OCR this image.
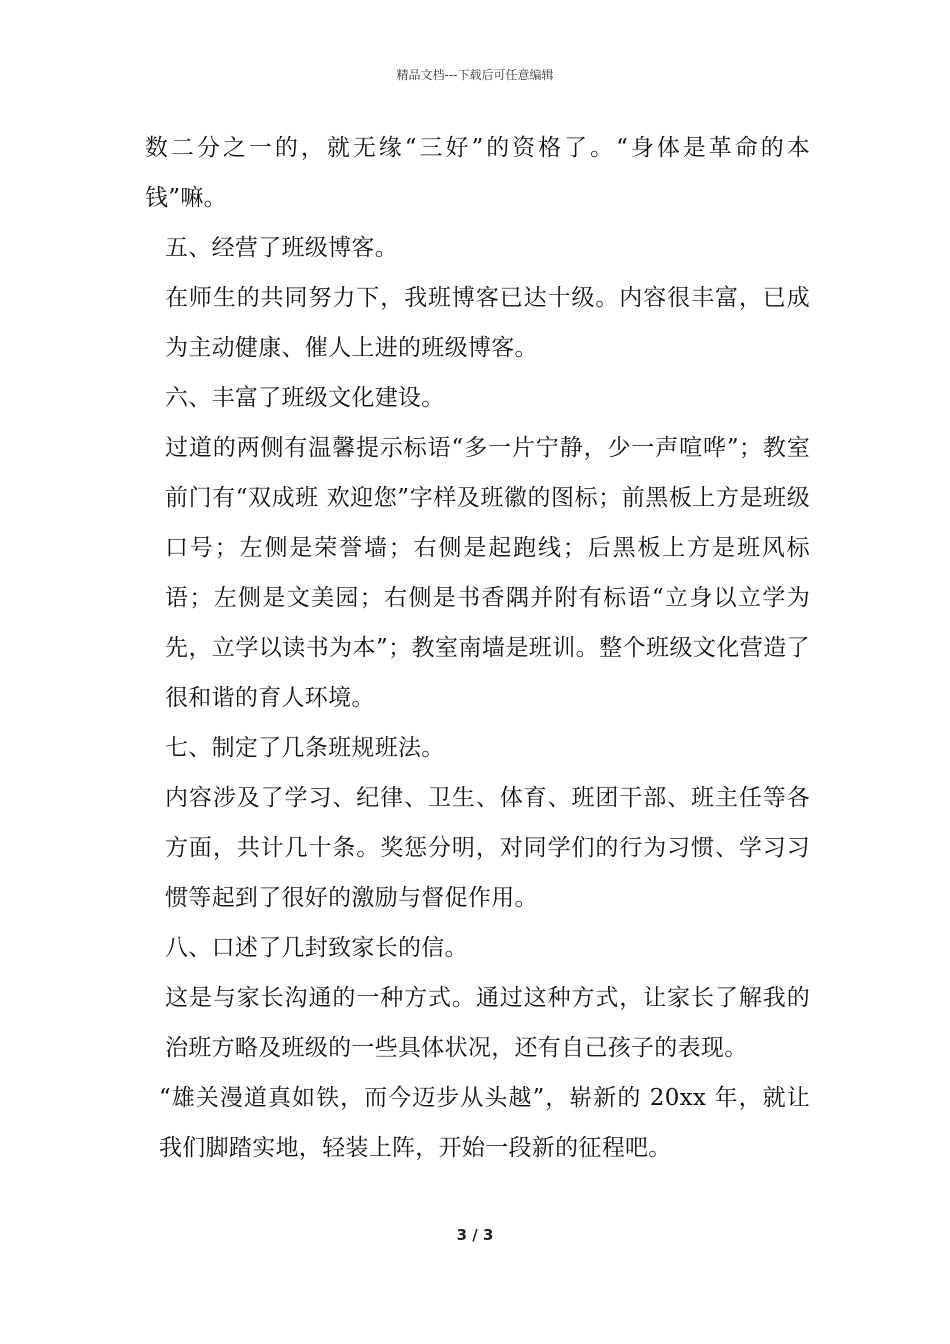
精品文档---下载后可任意编辑

数二分之一的，就无缘“三好”的资格了。“身体是革命的本钱”嘛。

五、经营了班级博客。

在师生的共同努力下，我班博客已达十级。内容很丰富，已成为主动健康、催人上进的班级博客。

六、丰富了班级文化建设。

过道的两侧有温馨提示标语“多一片宁静，少一声喧哗”；教室前门有“双成班 欢迎您”字样及班徽的图标；前黑板上方是班级口号；左侧是荣誉墙；右侧是起跑线；后黑板上方是班风标语；左侧是文美园；右侧是书香隅并附有标语“立身以立学为先，立学以读书为本”；教室南墙是班训。整个班级文化营造了很和谐的育人环境。

七、制定了几条班规班法。

内容涉及了学习、纪律、卫生、体育、班团干部、班主任等各方面，共计几十条。奖惩分明，对同学们的行为习惯、学习习惯等起到了很好的激励与督促作用。

八、口述了几封致家长的信。

这是与家长沟通的一种方式。通过这种方式，让家长了解我的治班方略及班级的一些具体状况，还有自己孩子的表现。

“雄关漫道真如铁，而今迈步从头越”，崭新的 20xx 年，就让我们脚踏实地，轻装上阵，开始一段新的征程吧。

3 / 3
